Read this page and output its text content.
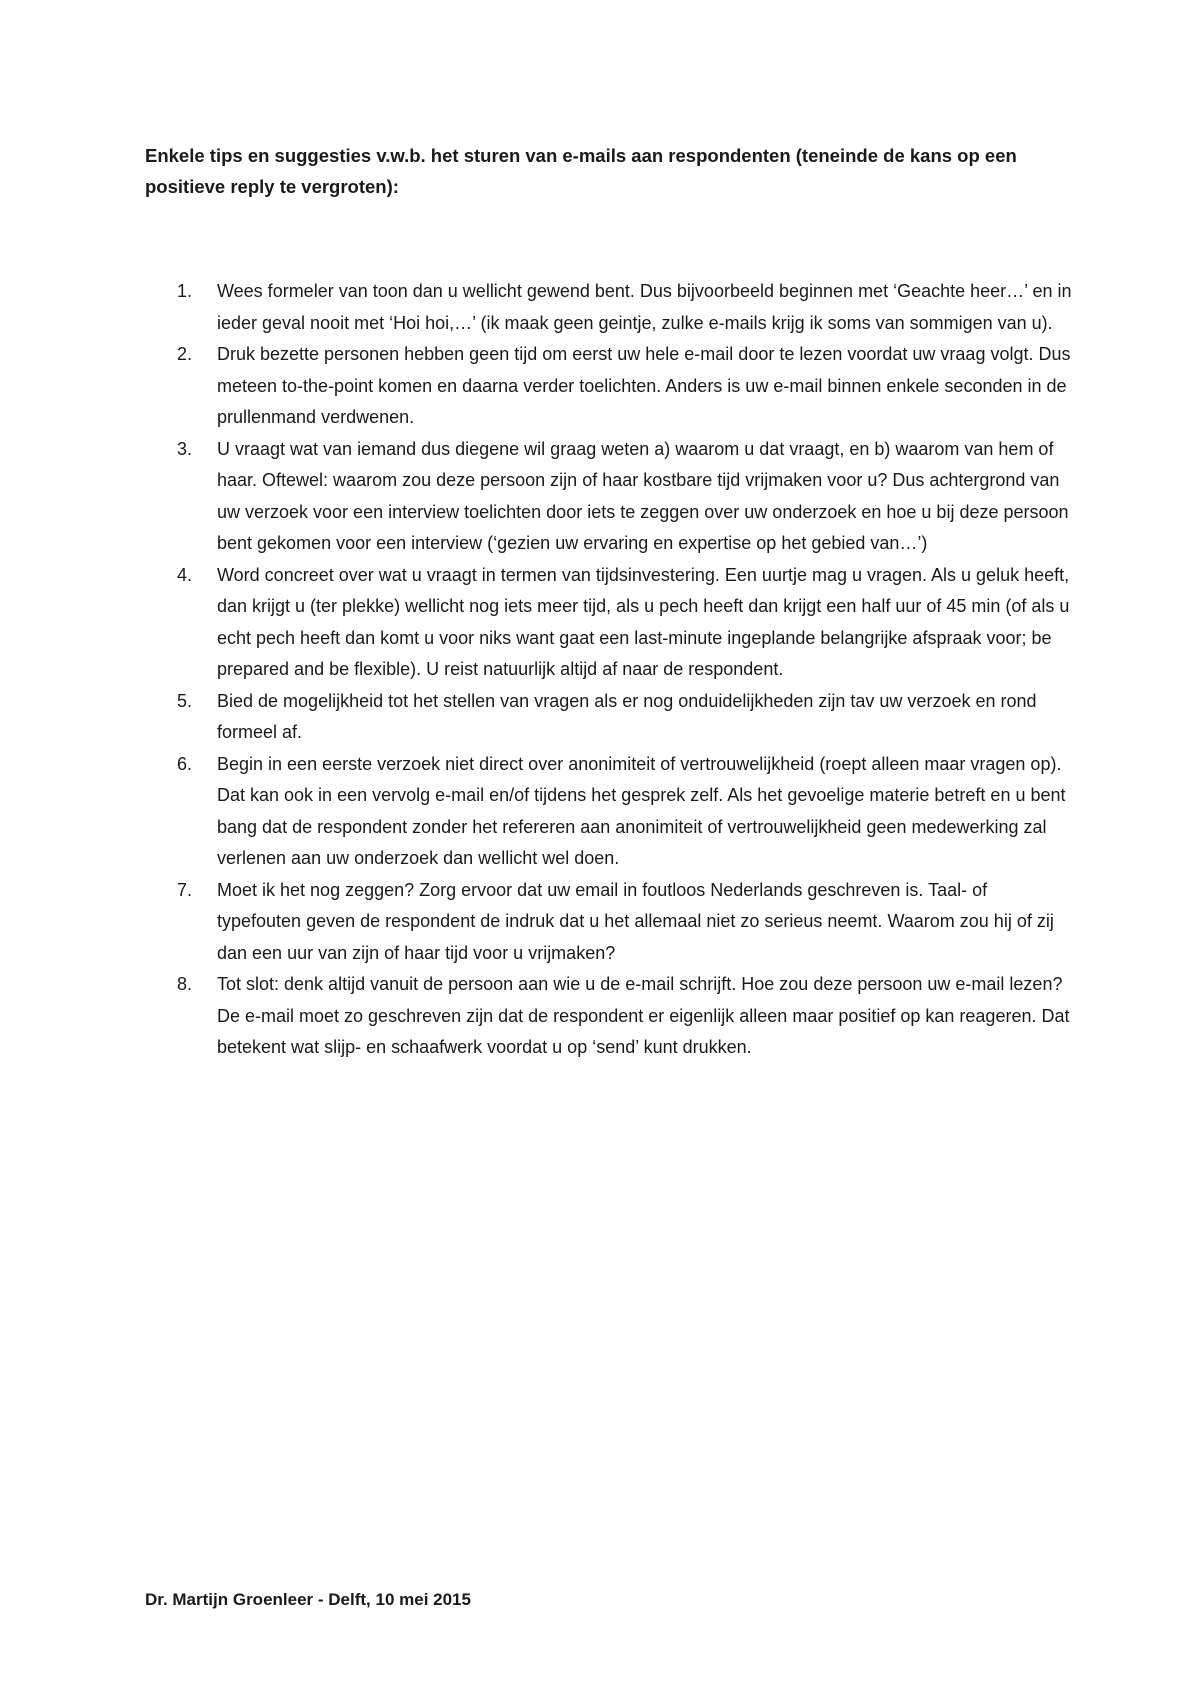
Enkele tips en suggesties v.w.b. het sturen van e-mails aan respondenten (teneinde de kans op een positieve reply te vergroten):

1.	Wees formeler van toon dan u wellicht gewend bent. Dus bijvoorbeeld beginnen met ‘Geachte heer…’ en in ieder geval nooit met ‘Hoi hoi,…’ (ik maak geen geintje, zulke e-mails krijg ik soms van sommigen van u).
2.	Druk bezette personen hebben geen tijd om eerst uw hele e-mail door te lezen voordat uw vraag volgt. Dus meteen to-the-point komen en daarna verder toelichten. Anders is uw e-mail binnen enkele seconden in de prullenmand verdwenen.
3.	U vraagt wat van iemand dus diegene wil graag weten a) waarom u dat vraagt, en b) waarom van hem of haar. Oftewel: waarom zou deze persoon zijn of haar kostbare tijd vrijmaken voor u? Dus achtergrond van uw verzoek voor een interview toelichten door iets te zeggen over uw onderzoek en hoe u bij deze persoon bent gekomen voor een interview (‘gezien uw ervaring en expertise op het gebied van…’)
4.	Word concreet over wat u vraagt in termen van tijdsinvestering. Een uurtje mag u vragen. Als u geluk heeft, dan krijgt u (ter plekke) wellicht nog iets meer tijd, als u pech heeft dan krijgt een half uur of 45 min (of als u echt pech heeft dan komt u voor niks want gaat een last-minute ingeplande belangrijke afspraak voor; be prepared and be flexible). U reist natuurlijk altijd af naar de respondent.
5.	Bied de mogelijkheid tot het stellen van vragen als er nog onduidelijkheden zijn tav uw verzoek en rond formeel af.
6.	Begin in een eerste verzoek niet direct over anonimiteit of vertrouwelijkheid (roept alleen maar vragen op). Dat kan ook in een vervolg e-mail en/of tijdens het gesprek zelf. Als het gevoelige materie betreft en u bent bang dat de respondent zonder het refereren aan anonimiteit of vertrouwelijkheid geen medewerking zal verlenen aan uw onderzoek dan wellicht wel doen.
7.	Moet ik het nog zeggen? Zorg ervoor dat uw email in foutloos Nederlands geschreven is. Taal- of typefouten geven de respondent de indruk dat u het allemaal niet zo serieus neemt. Waarom zou hij of zij dan een uur van zijn of haar tijd voor u vrijmaken?
8.	Tot slot: denk altijd vanuit de persoon aan wie u de e-mail schrijft. Hoe zou deze persoon uw e-mail lezen? De e-mail moet zo geschreven zijn dat de respondent er eigenlijk alleen maar positief op kan reageren. Dat betekent wat slijp- en schaafwerk voordat u op ‘send’ kunt drukken.

Dr. Martijn Groenleer - Delft, 10 mei 2015
